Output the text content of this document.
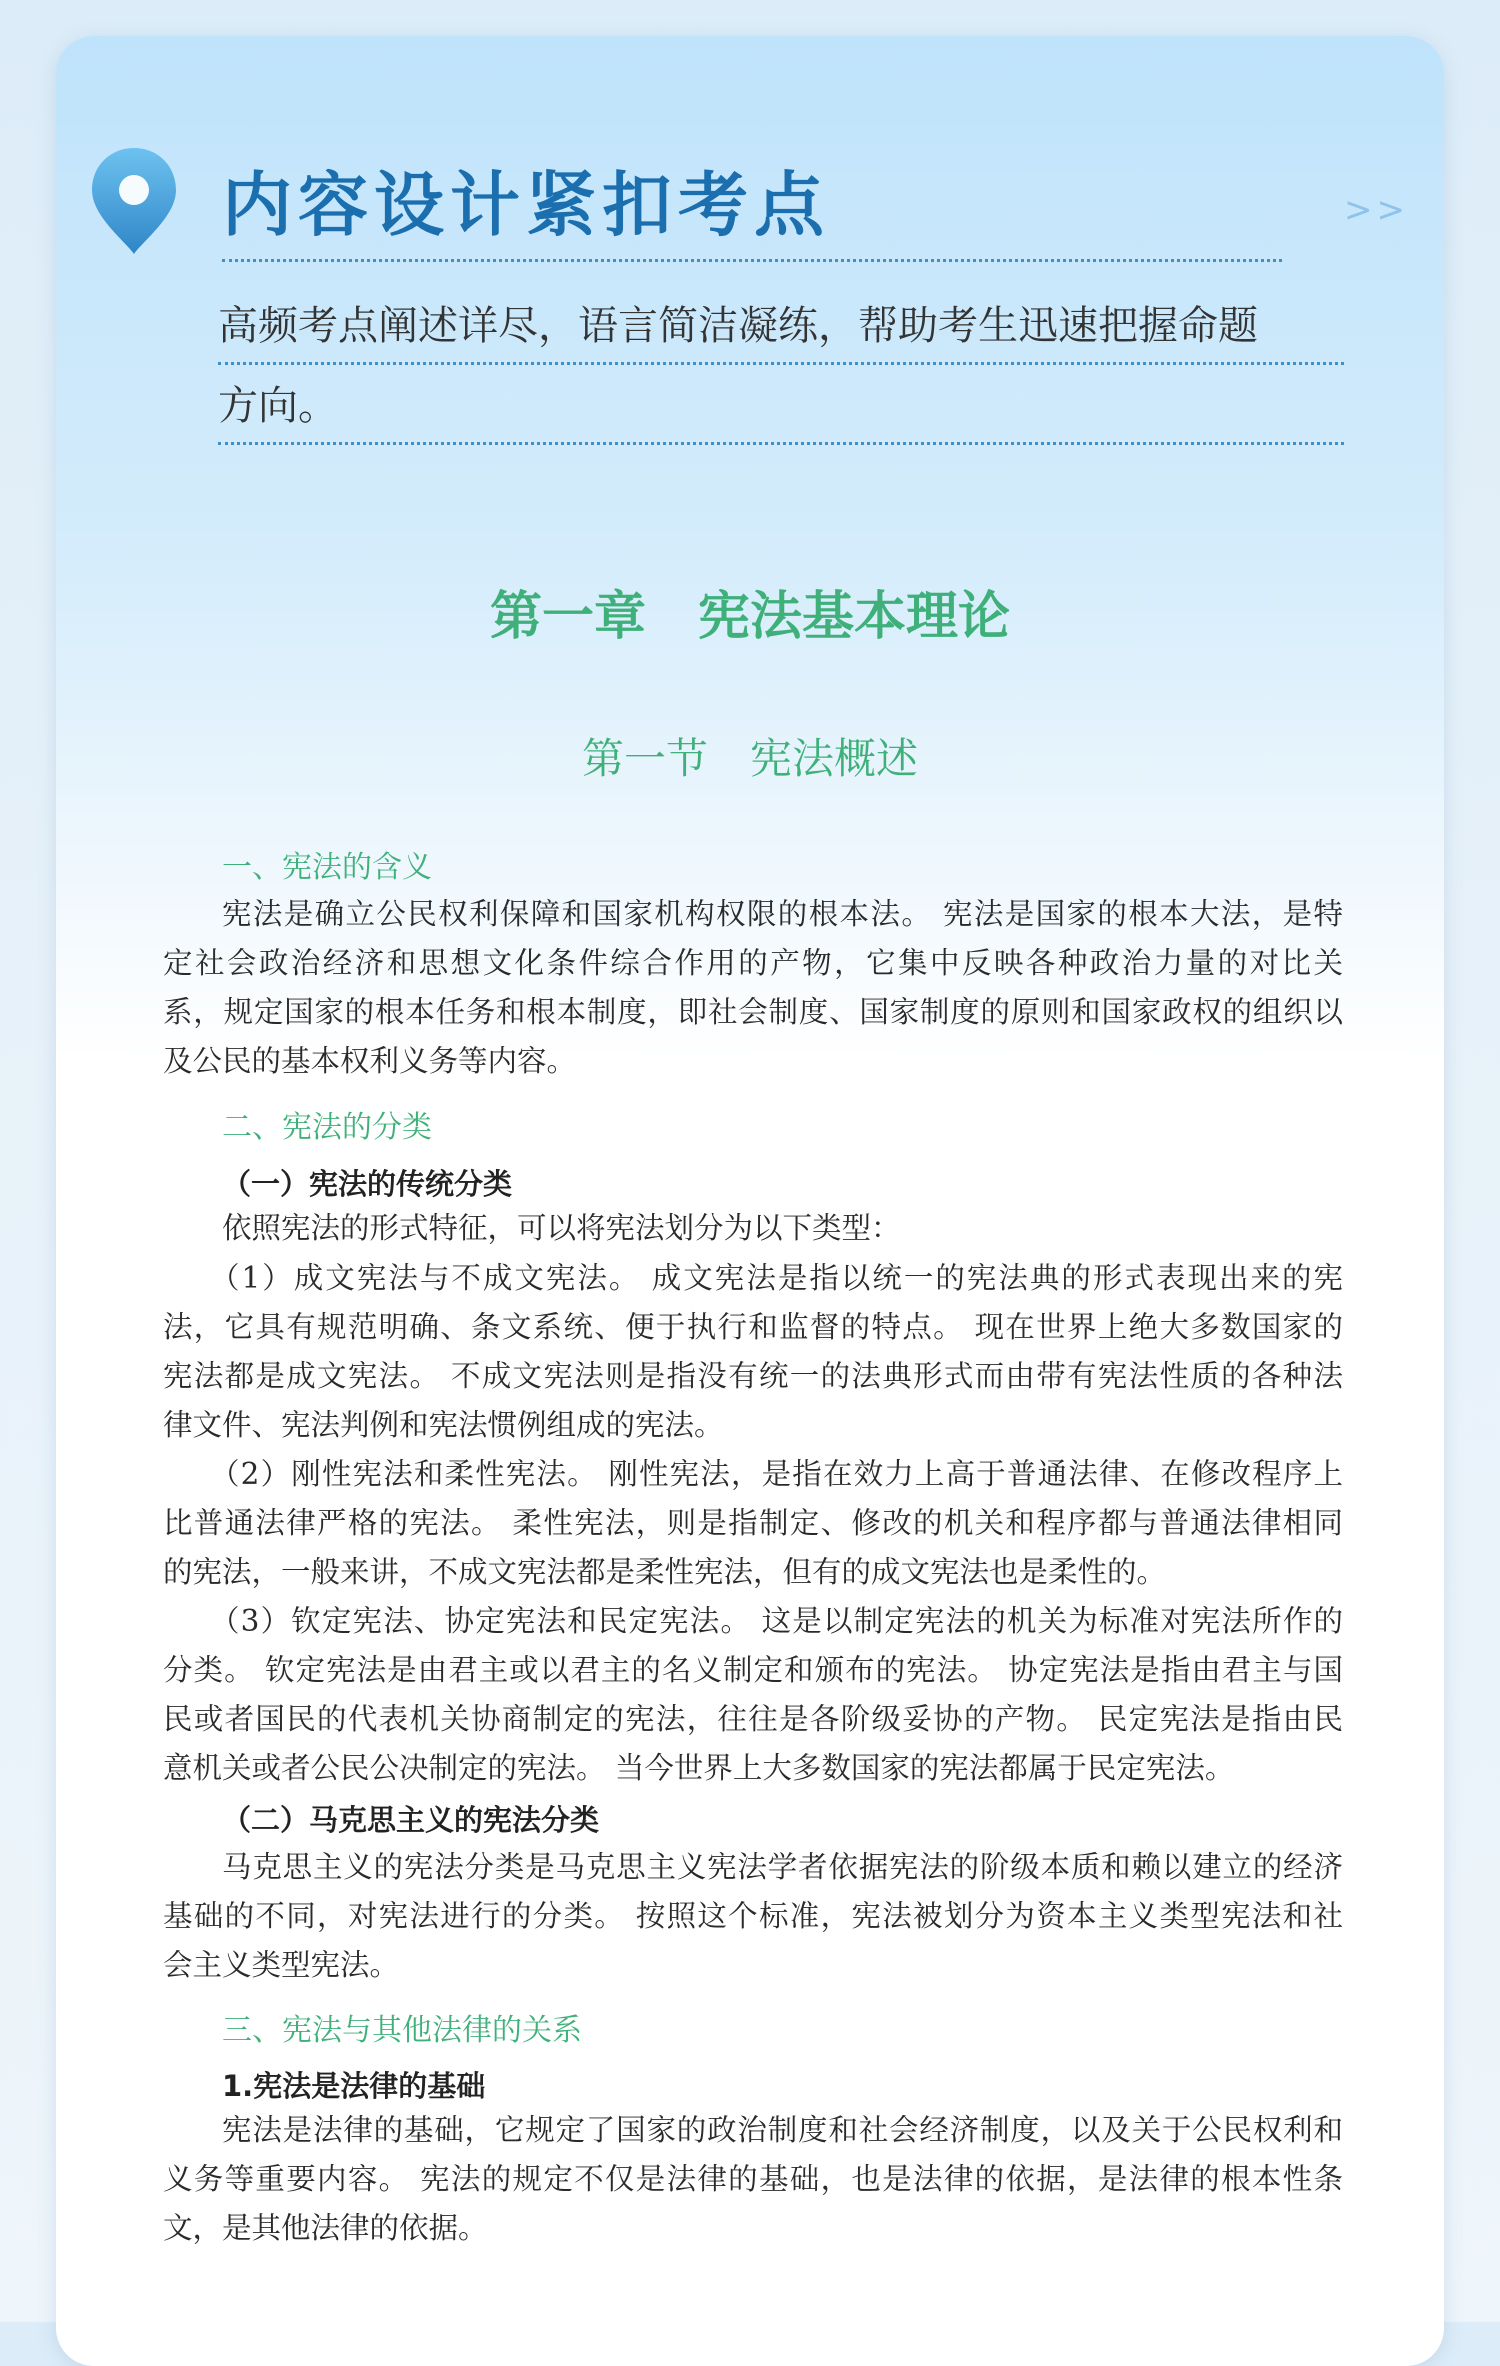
内容设计紧扣考点	>>
高频考点阐述详尽，语言简洁凝练，帮助考生迅速把握命题
方向。
第一章　宪法基本理论
第一节　宪法概述
一、宪法的含义
宪法是确立公民权利保障和国家机构权限的根本法。 宪法是国家的根本大法，是特
定社会政治经济和思想文化条件综合作用的产物，它集中反映各种政治力量的对比关
系，规定国家的根本任务和根本制度，即社会制度、国家制度的原则和国家政权的组织以
及公民的基本权利义务等内容。
二、宪法的分类
（一）宪法的传统分类
依照宪法的形式特征，可以将宪法划分为以下类型：
（1）成文宪法与不成文宪法。 成文宪法是指以统一的宪法典的形式表现出来的宪
法，它具有规范明确、条文系统、便于执行和监督的特点。 现在世界上绝大多数国家的
宪法都是成文宪法。 不成文宪法则是指没有统一的法典形式而由带有宪法性质的各种法
律文件、宪法判例和宪法惯例组成的宪法。
（2）刚性宪法和柔性宪法。 刚性宪法，是指在效力上高于普通法律、在修改程序上
比普通法律严格的宪法。 柔性宪法，则是指制定、修改的机关和程序都与普通法律相同
的宪法，一般来讲，不成文宪法都是柔性宪法，但有的成文宪法也是柔性的。
（3）钦定宪法、协定宪法和民定宪法。 这是以制定宪法的机关为标准对宪法所作的
分类。 钦定宪法是由君主或以君主的名义制定和颁布的宪法。 协定宪法是指由君主与国
民或者国民的代表机关协商制定的宪法，往往是各阶级妥协的产物。 民定宪法是指由民
意机关或者公民公决制定的宪法。 当今世界上大多数国家的宪法都属于民定宪法。
（二）马克思主义的宪法分类
马克思主义的宪法分类是马克思主义宪法学者依据宪法的阶级本质和赖以建立的经济
基础的不同，对宪法进行的分类。 按照这个标准，宪法被划分为资本主义类型宪法和社
会主义类型宪法。
三、宪法与其他法律的关系
1.宪法是法律的基础
宪法是法律的基础，它规定了国家的政治制度和社会经济制度，以及关于公民权利和
义务等重要内容。 宪法的规定不仅是法律的基础，也是法律的依据，是法律的根本性条
文，是其他法律的依据。
